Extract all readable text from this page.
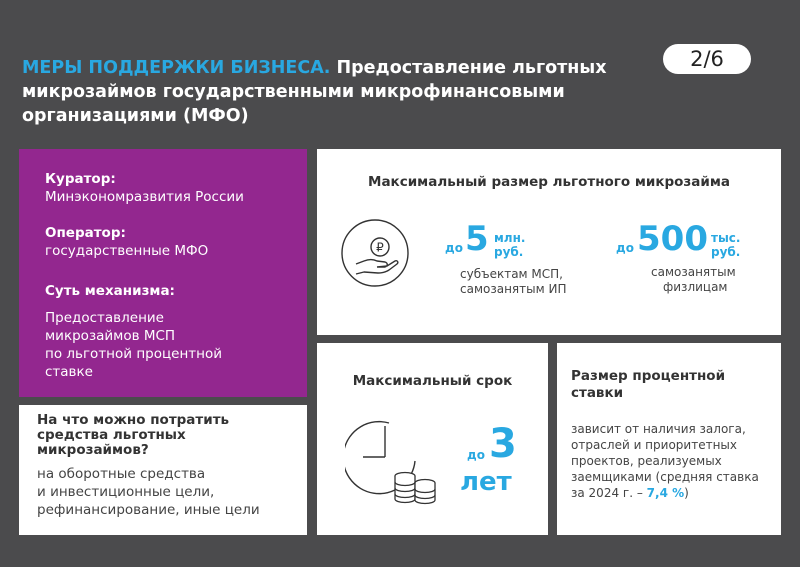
МЕРЫ ПОДДЕРЖКИ БИЗНЕСА. Предоставление льготных микрозаймов государственными микрофинансовыми организациями (МФО)
2/6
Куратор:
Минэкономразвития России
Оператор:
государственные МФО
Суть механизма:
Предоставление
микрозаймов МСП
по льготной процентной
ставке
На что можно потратить
средства льготных
микрозаймов?
на оборотные средства
и инвестиционные цели,
рефинансирование, иные цели
Максимальный размер льготного микрозайма
₽	до 5 млн.
руб.
субъектам МСП,
самозанятым ИП
до 500 тыс.
руб.
самозанятым
физлицам
Максимальный срок
до 3
лет
Размер процентной
ставки
зависит от наличия залога,
отраслей и приоритетных
проектов, реализуемых
заемщиками (средняя ставка
за 2024 г. – 7,4 %)
